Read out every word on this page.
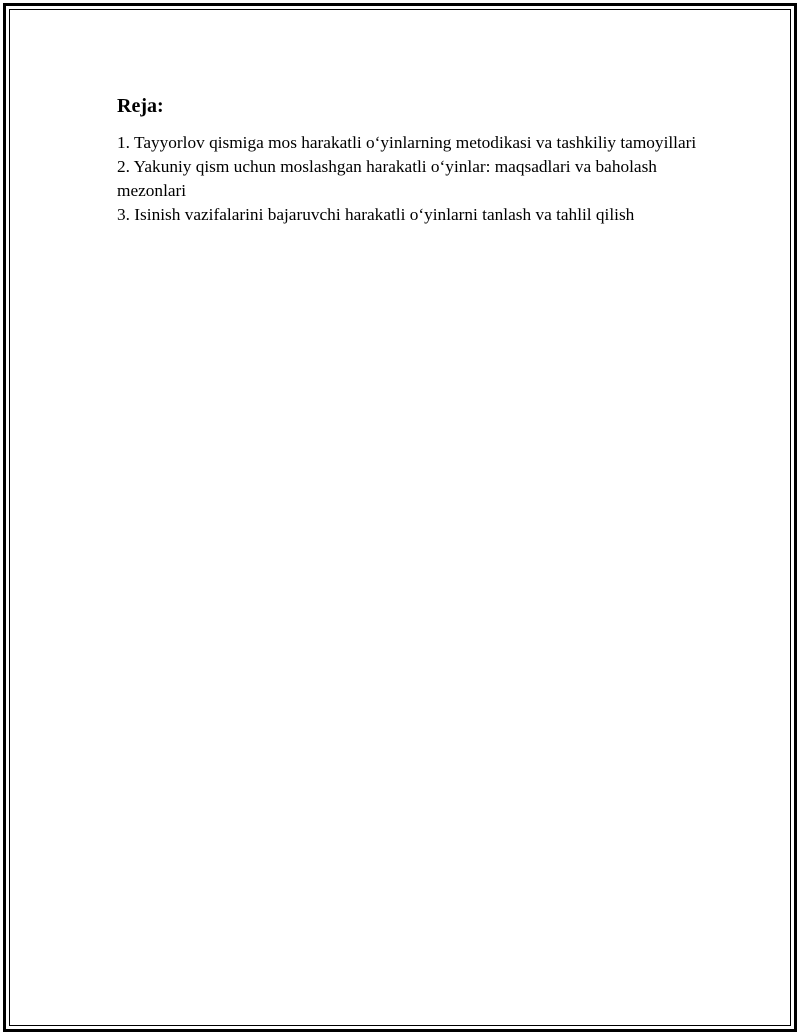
Reja:
1. Tayyorlov qismiga mos harakatli o‘yinlarning metodikasi va tashkiliy tamoyillari
2. Yakuniy qism uchun moslashgan harakatli o‘yinlar: maqsadlari va baholash mezonlari
3. Isinish vazifalarini bajaruvchi harakatli o‘yinlarni tanlash va tahlil qilish
